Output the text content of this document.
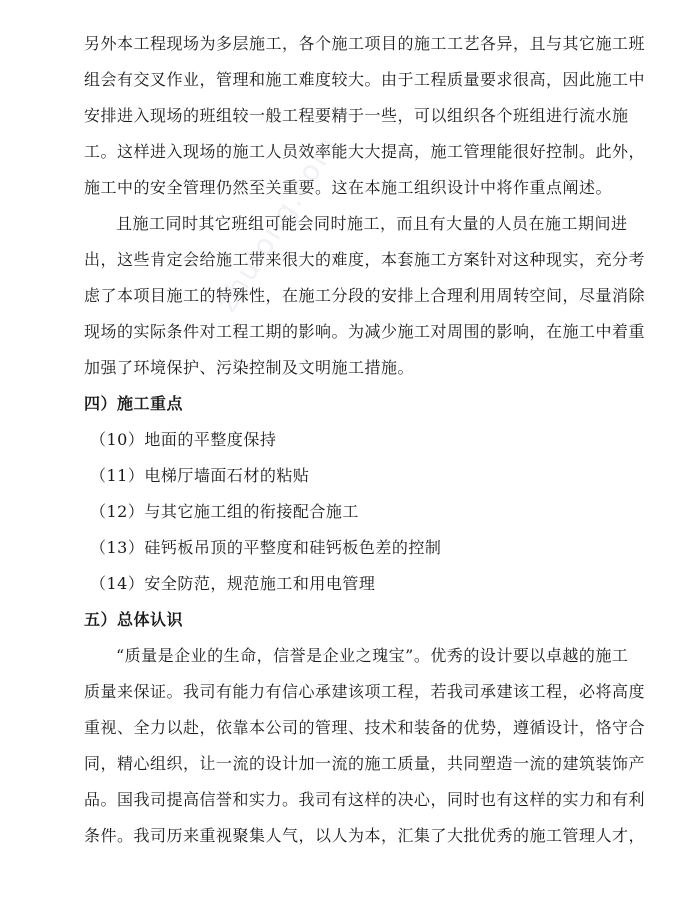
另外本工程现场为多层施工，各个施工项目的施工工艺各异，且与其它施工班
组会有交叉作业，管理和施工难度较大。由于工程质量要求很高，因此施工中
安排进入现场的班组较一般工程要精于一些，可以组织各个班组进行流水施
工。这样进入现场的施工人员效率能大大提高，施工管理能很好控制。此外，
施工中的安全管理仍然至关重要。这在本施工组织设计中将作重点阐述。

且施工同时其它班组可能会同时施工，而且有大量的人员在施工期间进
出，这些肯定会给施工带来很大的难度，本套施工方案针对这种现实，充分考
虑了本项目施工的特殊性，在施工分段的安排上合理利用周转空间，尽量消除
现场的实际条件对工程工期的影响。为减少施工对周围的影响，在施工中着重
加强了环境保护、污染控制及文明施工措施。

四）施工重点
（10）地面的平整度保持
（11）电梯厅墙面石材的粘贴
（12）与其它施工组的衔接配合施工
（13）硅钙板吊顶的平整度和硅钙板色差的控制
（14）安全防范，规范施工和用电管理
五）总体认识

“质量是企业的生命，信誉是企业之瑰宝”。优秀的设计要以卓越的施工
质量来保证。我司有能力有信心承建该项工程，若我司承建该工程，必将高度
重视、全力以赴，依靠本公司的管理、技术和装备的优势，遵循设计，恪守合
同，精心组织，让一流的设计加一流的施工质量，共同塑造一流的建筑装饰产
品。国我司提高信誉和实力。我司有这样的决心，同时也有这样的实力和有利
条件。我司历来重视聚集人气，以人为本，汇集了大批优秀的施工管理人才，

zhulong.com
